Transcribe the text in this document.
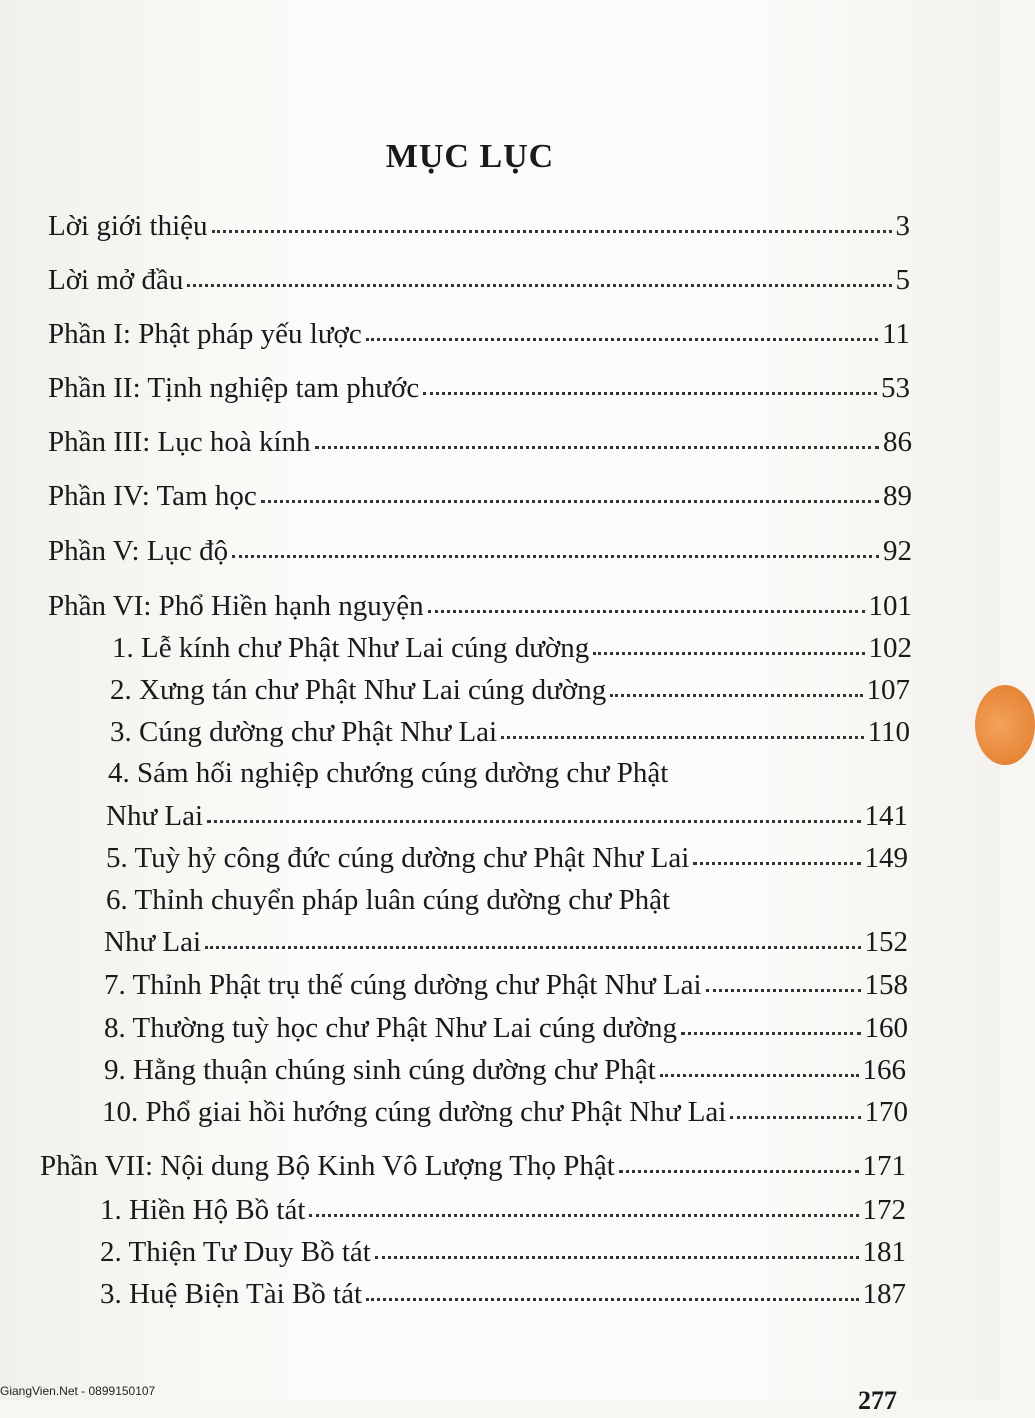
MỤC LỤC
Lời giới thiệu	3
Lời mở đầu	5
Phần I: Phật pháp yếu lược	11
Phần II: Tịnh nghiệp tam phước	53
Phần III: Lục hoà kính	86
Phần IV: Tam học	89
Phần V: Lục độ	92
Phần VI: Phổ Hiền hạnh nguyện	101
1. Lễ kính chư Phật Như Lai cúng dường	102
2. Xưng tán chư Phật Như Lai cúng dường	107
3. Cúng dường chư Phật Như Lai	110
4. Sám hối nghiệp chướng cúng dường chư Phật
Như Lai	141
5. Tuỳ hỷ công đức cúng dường chư Phật Như Lai	149
6. Thỉnh chuyển pháp luân cúng dường chư Phật
Như Lai	152
7. Thỉnh Phật trụ thế cúng dường chư Phật Như Lai	158
8. Thường tuỳ học chư Phật Như Lai cúng dường	160
9. Hằng thuận chúng sinh cúng dường chư Phật	166
10. Phổ giai hồi hướng cúng dường chư Phật Như Lai	170
Phần VII: Nội dung Bộ Kinh Vô Lượng Thọ Phật	171
1. Hiền Hộ Bồ tát	172
2. Thiện Tư Duy Bồ tát	181
3. Huệ Biện Tài Bồ tát	187
GiangVien.Net - 0899150107	277
